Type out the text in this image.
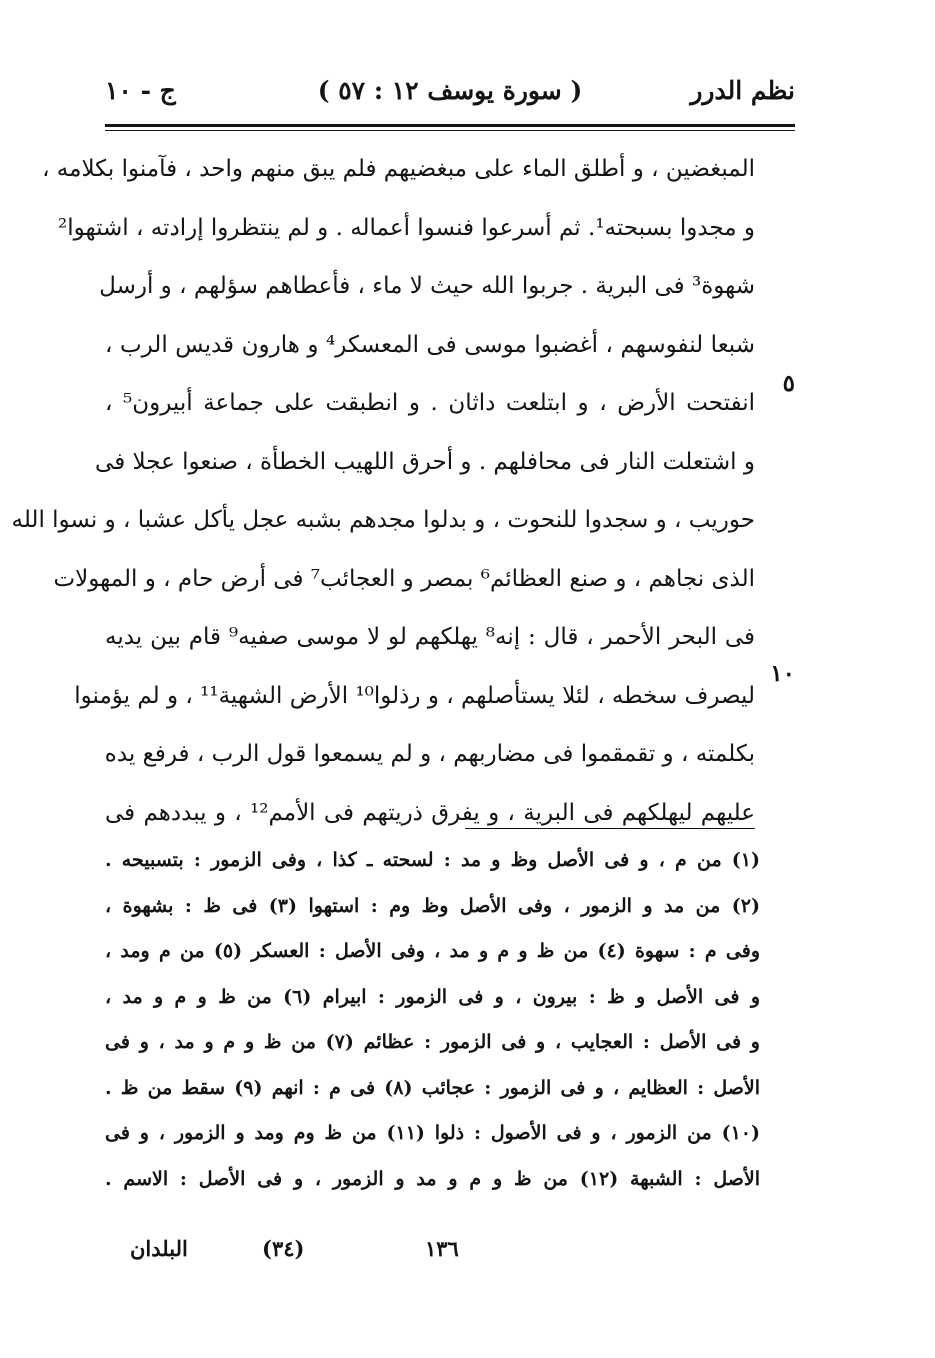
نظم الدرر
( سورة يوسف ١٢ : ٥٧ )
ج - ١٠
٥
١٠
المبغضين ، و أطلق الماء على مبغضيهم فلم يبق منهم واحد ، فآمنوا بكلامه ،
و مجدوا بسبحته¹. ثم أسرعوا فنسوا أعماله . و لم ينتظروا إرادته ، اشتهوا²
شهوة³ فى البرية . جربوا الله حيث لا ماء ، فأعطاهم سؤلهم ، و أرسل
شبعا لنفوسهم ، أغضبوا موسى فى المعسكر⁴ و هارون قديس الرب ،
انفتحت الأرض ، و ابتلعت داثان . و انطبقت على جماعة أبيرون⁵ ،
و اشتعلت النار فى محافلهم . و أحرق اللهيب الخطأة ، صنعوا عجلا فى
حوريب ، و سجدوا للنحوت ، و بدلوا مجدهم بشبه عجل يأكل عشبا ، و نسوا الله
الذى نجاهم ، و صنع العظائم⁶ بمصر و العجائب⁷ فى أرض حام ، و المهولات
فى البحر الأحمر ، قال : إنه⁸ يهلكهم لو لا موسى صفيه⁹ قام بين يديه
ليصرف سخطه ، لئلا يستأصلهم ، و رذلوا¹⁰ الأرض الشهية¹¹ ، و لم يؤمنوا
بكلمته ، و تقمقموا فى مضاربهم ، و لم يسمعوا قول الرب ، فرفع يده
عليهم ليهلكهم فى البرية ، و يفرق ذريتهم فى الأمم¹² ، و يبددهم فى
(١) من م ، و فى الأصل وظ و مد : لسحته ـ كذا ، وفى الزمور : بتسبيحه .
(٢) من مد و الزمور ، وفى الأصل وظ وم : استهوا (٣) فى ظ : بشهوة ،
وفى م : سهوة (٤) من ظ و م و مد ، وفى الأصل : العسكر (٥) من م ومد ،
و فى الأصل و ظ : بيرون ، و فى الزمور : ابيرام (٦) من ظ و م و مد ،
و فى الأصل : العجايب ، و فى الزمور : عظائم (٧) من ظ و م و مد ، و فى
الأصل : العظايم ، و فى الزمور : عجائب (٨) فى م : انهم (٩) سقط من ظ .
(١٠) من الزمور ، و فى الأصول : ذلوا (١١) من ظ وم ومد و الزمور ، و فى
الأصل : الشبهة (١٢) من ظ و م و مد و الزمور ، و فى الأصل : الاسم .
١٣٦
(٣٤)
البلدان
